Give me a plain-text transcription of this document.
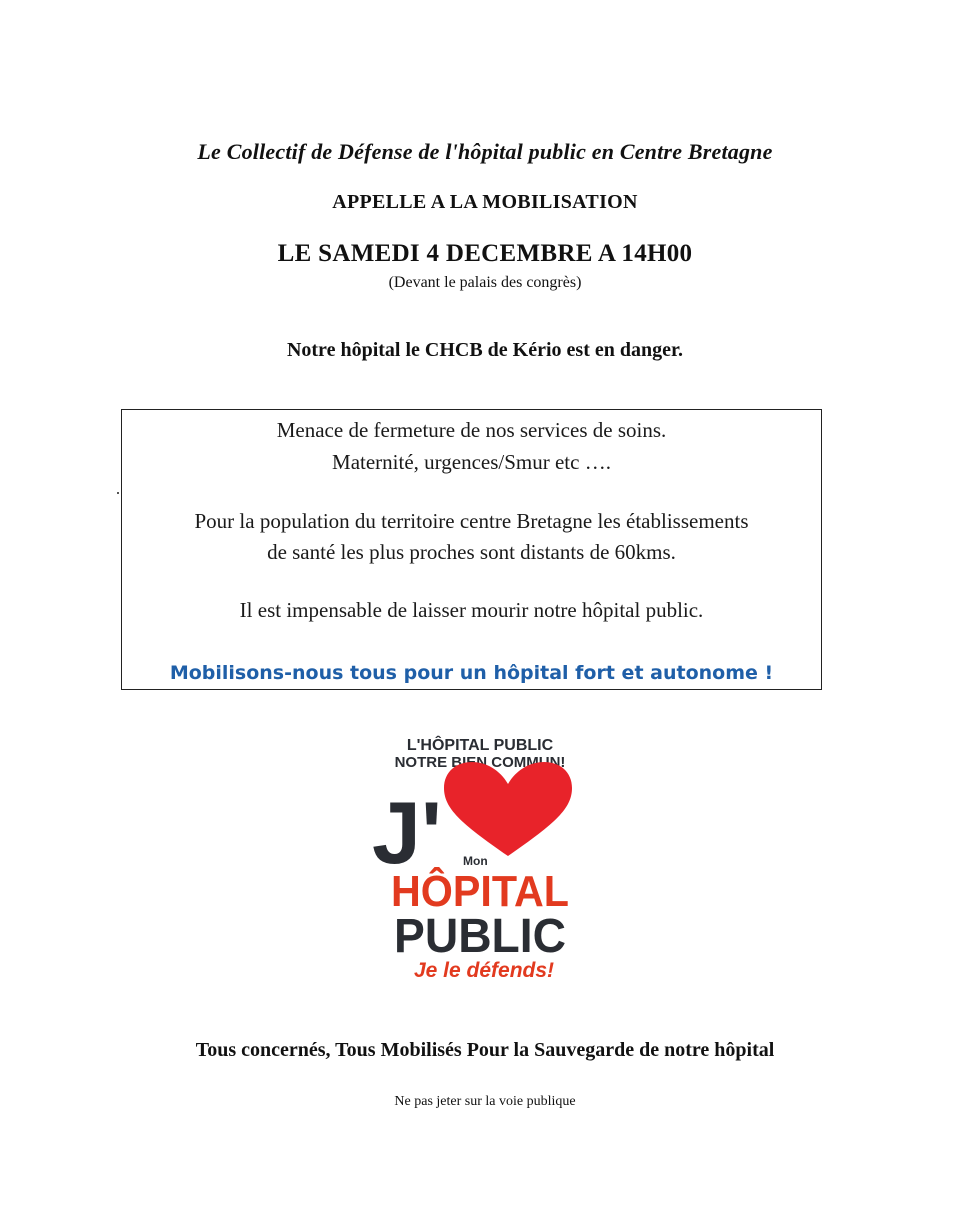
Le Collectif de Défense de l'hôpital public en Centre Bretagne
APPELLE A LA MOBILISATION
LE SAMEDI 4 DECEMBRE A 14H00
(Devant le palais des congrès)
Notre hôpital le CHCB de Kério est en danger.
Menace de fermeture de nos services de soins.
Maternité, urgences/Smur etc ….
Pour la population du territoire centre Bretagne les établissements
de santé les plus proches sont distants de 60kms.
Il est impensable de laisser mourir notre hôpital public.
Mobilisons-nous tous pour un hôpital fort et autonome !
L'HÔPITAL PUBLIC
NOTRE BIEN COMMUN!
J' Mon
HÔPITAL
PUBLIC
Je le défends!
Tous concernés, Tous Mobilisés Pour la Sauvegarde de notre hôpital
Ne pas jeter sur la voie publique
